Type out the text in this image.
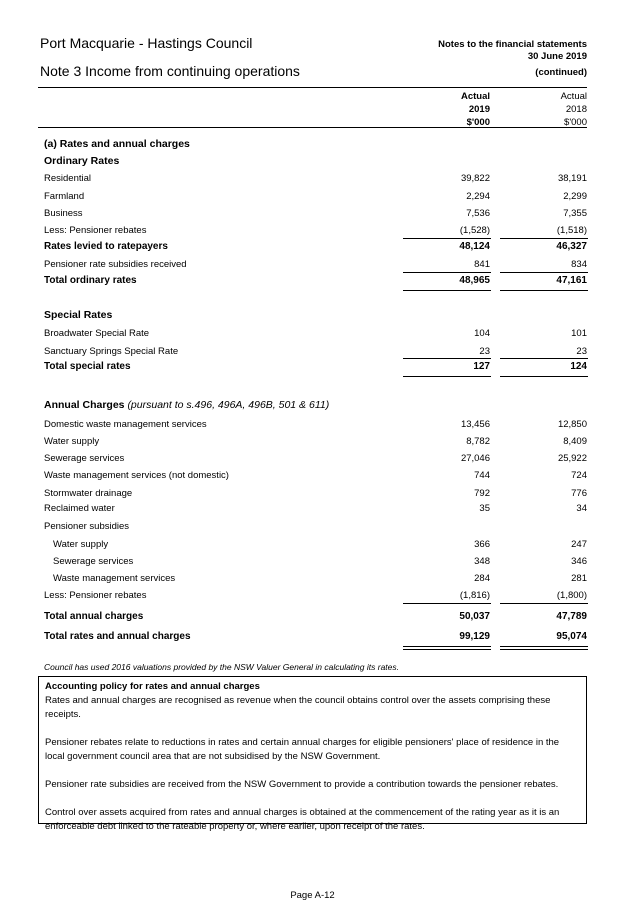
Port Macquarie - Hastings Council
Note 3 Income from continuing operations
Notes to the financial statements
30 June 2019
(continued)
Actual
2019
$'000
Actual
2018
$'000
(a) Rates and annual charges
Ordinary Rates
Residential	39,822	38,191
Farmland	2,294	2,299
Business	7,536	7,355
Less: Pensioner rebates	(1,528)	(1,518)
Rates levied to ratepayers	48,124	46,327
Pensioner rate subsidies received	841	834
Total ordinary rates	48,965	47,161
Special Rates
Broadwater Special Rate	104	101
Sanctuary Springs Special Rate	23	23
Total special rates	127	124
Annual Charges (pursuant to s.496, 496A, 496B, 501 & 611)
Domestic waste management services	13,456	12,850
Water supply	8,782	8,409
Sewerage services	27,046	25,922
Waste management services (not domestic)	744	724
Stormwater drainage	792	776
Reclaimed water	35	34
Pensioner subsidies
Water supply	366	247
Sewerage services	348	346
Waste management services	284	281
Less: Pensioner rebates	(1,816)	(1,800)
Total annual charges	50,037	47,789
Total rates and annual charges	99,129	95,074
Council has used 2016 valuations provided by the NSW Valuer General in calculating its rates.
Accounting policy for rates and annual charges

Rates and annual charges are recognised as revenue when the council obtains control over the assets comprising these receipts.

Pensioner rebates relate to reductions in rates and certain annual charges for eligible pensioners' place of residence in the local government council area that are not subsidised by the NSW Government.

Pensioner rate subsidies are received from the NSW Government to provide a contribution towards the pensioner rebates.

Control over assets acquired from rates and annual charges is obtained at the commencement of the rating year as it is an enforceable debt linked to the rateable property or, where earlier, upon receipt of the rates.

Page A-12
